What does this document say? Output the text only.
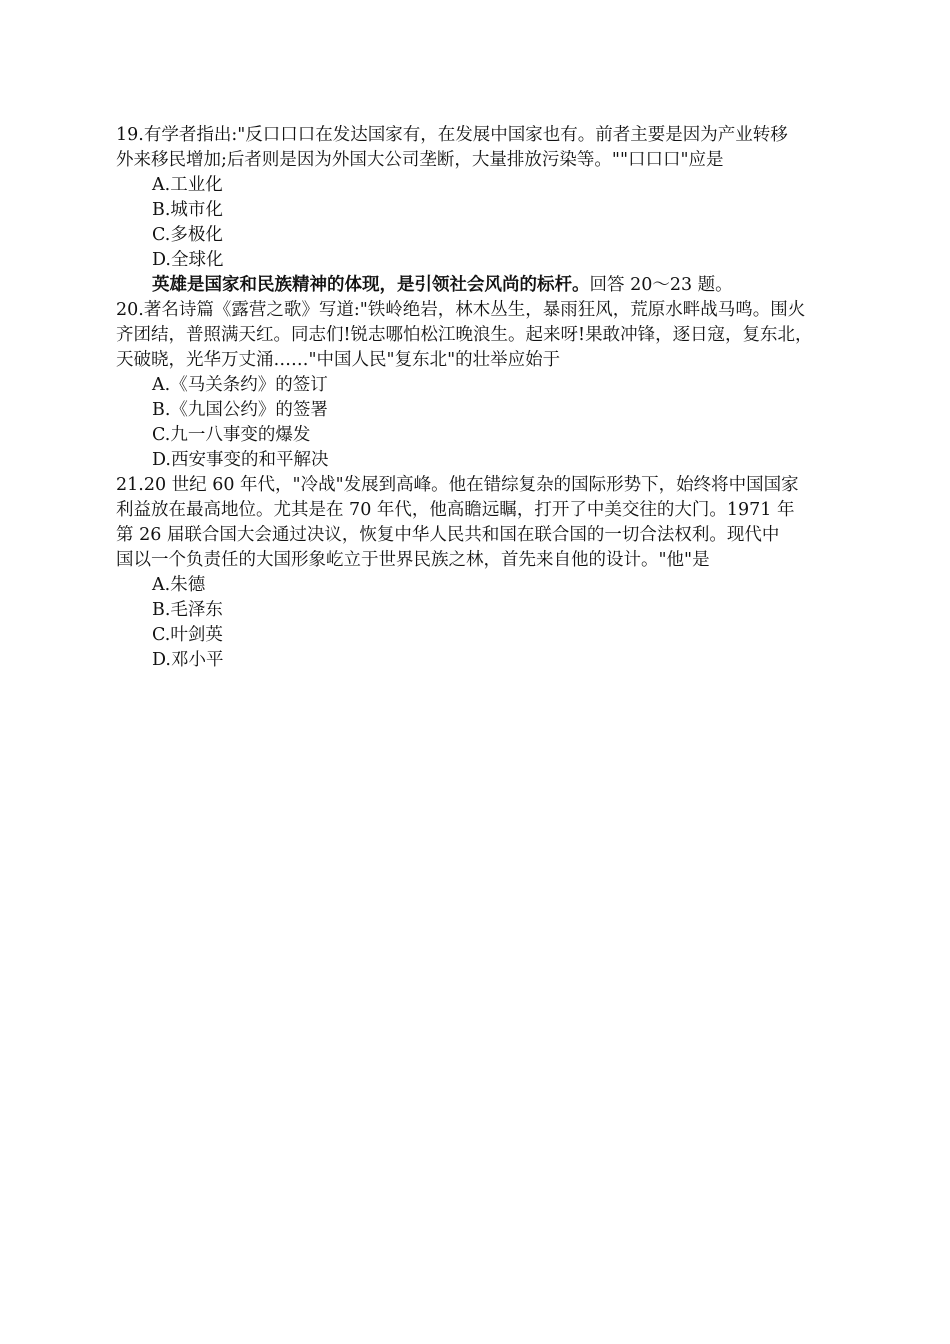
19.有学者指出:"反口口口在发达国家有，在发展中国家也有。前者主要是因为产业转移

外来移民增加;后者则是因为外国大公司垄断，大量排放污染等。""口口口"应是

A.工业化

B.城市化

C.多极化

D.全球化

英雄是国家和民族精神的体现，是引领社会风尚的标杆。回答 20～23 题。

20.著名诗篇《露营之歌》写道:"铁岭绝岩，林木丛生，暴雨狂风，荒原水畔战马鸣。围火

齐团结，普照满天红。同志们!锐志哪怕松江晚浪生。起来呀!果敢冲锋，逐日寇，复东北，

天破晓，光华万丈涌……"中国人民"复东北"的壮举应始于

A.《马关条约》的签订

B.《九国公约》的签署

C.九一八事变的爆发

D.西安事变的和平解决

21.20 世纪 60 年代，"冷战"发展到高峰。他在错综复杂的国际形势下，始终将中国国家

利益放在最高地位。尤其是在 70 年代，他高瞻远瞩，打开了中美交往的大门。1971 年

第 26 届联合国大会通过决议，恢复中华人民共和国在联合国的一切合法权利。现代中

国以一个负责任的大国形象屹立于世界民族之林，首先来自他的设计。"他"是

A.朱德

B.毛泽东

C.叶剑英

D.邓小平
